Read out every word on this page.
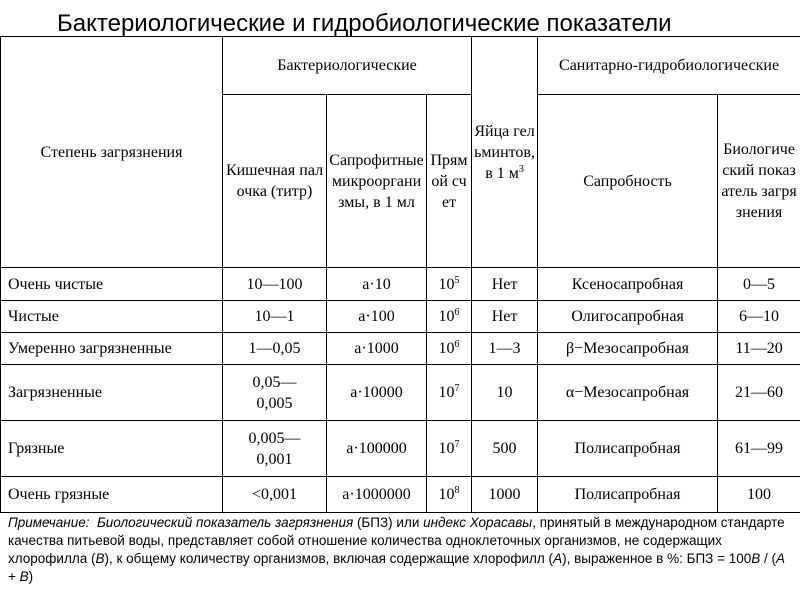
Бактериологические и гидробиологические показатели
Степень загрязнения	Бактериологические			Яйца гельминтов, в 1 $м^3$	Санитарно-гидробиологические	
	Кишечная палочка (титр)	Сапрофитные микроорганизмы, в 1 мл	Прямой счет		Сапробность	Биологический показатель загрязнения
Очень чистые	10—100	a·10	$10^5$	Нет	Ксеносапробная	0—5
Чистые	10—1	a·100	$10^6$	Нет	Олигосапробная	6—10
Умеренно загрязненные	1—0,05	a·1000	$10^6$	1—3	β−Мезосапробная	11—20
Загрязненные	0,05—0,005	a·10000	$10^7$	10	α−Мезосапробная	21—60
Грязные	0,005—0,001	a·100000	$10^7$	500	Полисапробная	61—99
Очень грязные	<0,001	a·1000000	$10^8$	1000	Полисапробная	100
Примечание: Биологический показатель загрязнения (БПЗ) или индекс Хорасавы, принятый в международном стандарте качества питьевой воды, представляет собой отношение количества одноклеточных организмов, не содержащих хлорофилла (B), к общему количеству организмов, включая содержащие хлорофилл (A), выраженное в %: БПЗ = 100B / (A + B)
